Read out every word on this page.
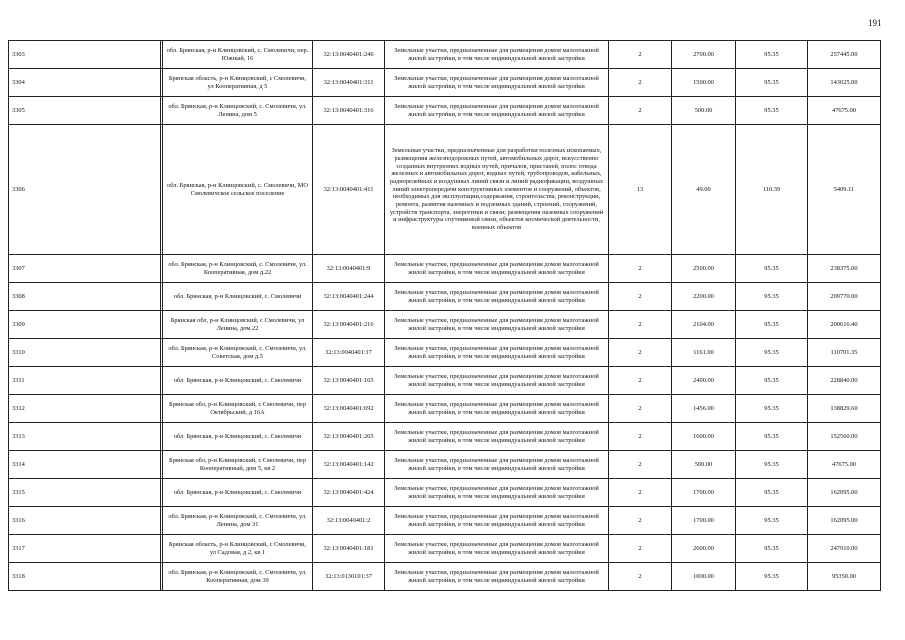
191
3303		обл. Брянская, р-н Клинцовский, с. Смолевичи, пер. Южный, 16	32:13:0040401:246	Земельные участки, предназначенные для размещения домов малоэтажной жилой застройки, в том числе индивидуальной жилой застройки	2	2700.00	95.35	257445.00
3304		Брянская область, р-н Клинцовский, с Смолевичи, ул Кооперативная, д 5	32:13:0040401:311	Земельные участки, предназначенные для размещения домов малоэтажной жилой застройки, в том числе индивидуальной жилой застройки	2	1500.00	95.35	143025.00
3305		обл. Брянская, р-н Клинцовский, с. Смолевичи, ул. Ленина, дом 5	32:13:0040401:316	Земельные участки, предназначенные для размещения домов малоэтажной жилой застройки, в том числе индивидуальной жилой застройки	2	500.00	95.35	47675.00
3306		обл. Брянская, р-н Клинцовский, с. Смолевичи, МО Смолевичское сельское поселение	32:13:0040401:411	Земельные участки, предназначенные для разработки полезных ископаемых, размещения железнодорожных путей, автомобильных дорог, искусственно созданных внутренних водных путей, причалов, пристаней, полос отвода железных и автомобильных дорог, водных путей, трубопроводов, кабельных, радиорелейных и воздушных линий связи и линий радиофикации, воздушных линий электропередачи конструктивных элементов и сооружений, объектов, необходимых для эксплуатации,содержания, строительства, реконструкции, ремонта, развития наземных и подземных зданий, строений, сооружений, устройств транспорта, энергетики и связи; размещения наземных сооружений и инфраструктуры спутниковой связи, объектов космической деятельности, военных объектов	13	49.00	110.39	5409.11
3307		обл. Брянская, р-н Клинцовский, с. Смолевичи, ул. Кооперативная, дом д.22	32:13:0040401:9	Земельные участки, предназначенные для размещения домов малоэтажной жилой застройки, в том числе индивидуальной жилой застройки	2	2500.00	95.35	238375.00
3308		обл. Брянская, р-н Клинцовский, с. Смолевичи	32:13:0040401:244	Земельные участки, предназначенные для размещения домов малоэтажной жилой застройки, в том числе индивидуальной жилой застройки	2	2200.00	95.35	209770.00
3309		Брянская обл, р-н Клинцовский, с Смолевичи, ул Ленина, дом 22	32:13:0040401:216	Земельные участки, предназначенные для размещения домов малоэтажной жилой застройки, в том числе индивидуальной жилой застройки	2	2104.00	95.35	200616.40
3310		обл. Брянская, р-н Клинцовский, с. Смолевичи, ул. Советская, дом д.5	32:13:0040401:17	Земельные участки, предназначенные для размещения домов малоэтажной жилой застройки, в том числе индивидуальной жилой застройки	2	1161.00	95.35	110701.35
3311		обл. Брянская, р-н Клинцовский, с. Смолевичи	32:13:0040401:165	Земельные участки, предназначенные для размещения домов малоэтажной жилой застройки, в том числе индивидуальной жилой застройки	2	2400.00	95.35	228840.00
3312		Брянская обл, р-н Клинцовский, с Смолевичи, пер Октябрьский, д 16А	32:13:0040401:692	Земельные участки, предназначенные для размещения домов малоэтажной жилой застройки, в том числе индивидуальной жилой застройки	2	1456.00	95.35	138829.60
3313		обл. Брянская, р-н Клинцовский, с. Смолевичи	32:13:0040401:265	Земельные участки, предназначенные для размещения домов малоэтажной жилой застройки, в том числе индивидуальной жилой застройки	2	1600.00	95.35	152560.00
3314		Брянская обл, р-н Клинцовский, с Смолевичи, пер Кооперативный, дом 5, кв 2	32:13:0040401:142	Земельные участки, предназначенные для размещения домов малоэтажной жилой застройки, в том числе индивидуальной жилой застройки	2	500.00	95.35	47675.00
3315		обл. Брянская, р-н Клинцовский, с. Смолевичи	32:13:0040401:424	Земельные участки, предназначенные для размещения домов малоэтажной жилой застройки, в том числе индивидуальной жилой застройки	2	1700.00	95.35	162095.00
3316		обл. Брянская, р-н Клинцовский, с. Смолевичи, ул. Ленина, дом 31	32:13:0040401:2	Земельные участки, предназначенные для размещения домов малоэтажной жилой застройки, в том числе индивидуальной жилой застройки	2	1700.00	95.35	162095.00
3317		Брянская область, р-н Клинцовский, с Смолевичи, ул Садовая, д 2, кв 1	32:13:0040401:181	Земельные участки, предназначенные для размещения домов малоэтажной жилой застройки, в том числе индивидуальной жилой застройки	2	2600.00	95.35	247910.00
3318		обл. Брянская, р-н Клинцовский, с. Смолевичи, ул. Кооперативная, дом 39	32:13:0130101:37	Земельные участки, предназначенные для размещения домов малоэтажной жилой застройки, в том числе индивидуальной жилой застройки	2	1000.00	95.35	95350.00
